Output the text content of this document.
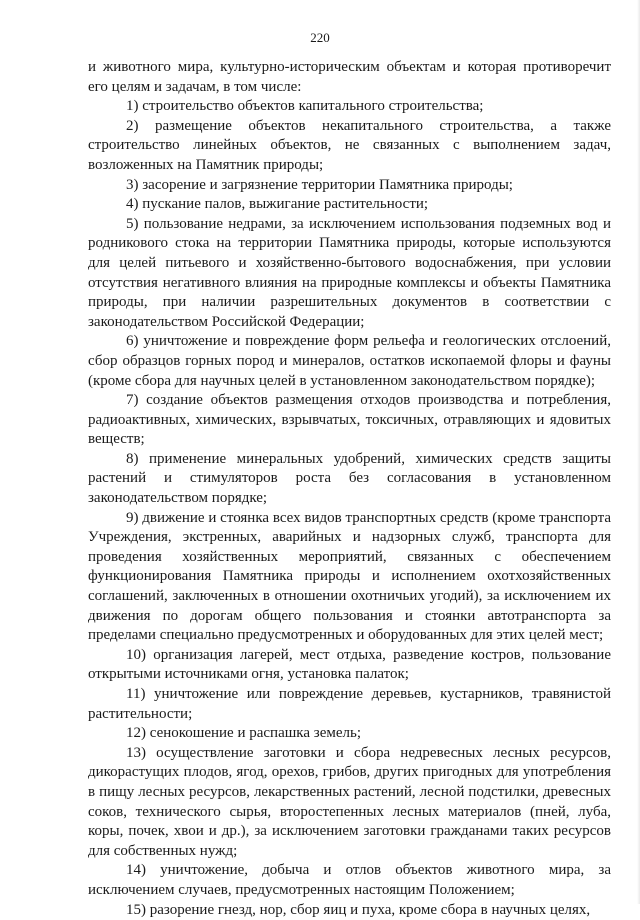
220

и животного мира, культурно-историческим объектам и которая противоречит его целям и задачам, в том числе:

1) строительство объектов капитального строительства;

2) размещение объектов некапитального строительства, а также строительство линейных объектов, не связанных с выполнением задач, возложенных на Памятник природы;

3) засорение и загрязнение территории Памятника природы;

4) пускание палов, выжигание растительности;

5) пользование недрами, за исключением использования подземных вод и родникового стока на территории Памятника природы, которые используются для целей питьевого и хозяйственно-бытового водоснабжения, при условии отсутствия негативного влияния на природные комплексы и объекты Памятника природы, при наличии разрешительных документов в соответствии с законодательством Российской Федерации;

6) уничтожение и повреждение форм рельефа и геологических отслоений, сбор образцов горных пород и минералов, остатков ископаемой флоры и фауны (кроме сбора для научных целей в установленном законодательством порядке);

7) создание объектов размещения отходов производства и потребления, радиоактивных, химических, взрывчатых, токсичных, отравляющих и ядовитых веществ;

8) применение минеральных удобрений, химических средств защиты растений и стимуляторов роста без согласования в установленном законодательством порядке;

9) движение и стоянка всех видов транспортных средств (кроме транспорта Учреждения, экстренных, аварийных и надзорных служб, транспорта для проведения хозяйственных мероприятий, связанных с обеспечением функционирования Памятника природы и исполнением охотхозяйственных соглашений, заключенных в отношении охотничьих угодий), за исключением их движения по дорогам общего пользования и стоянки автотранспорта за пределами специально предусмотренных и оборудованных для этих целей мест;

10) организация лагерей, мест отдыха, разведение костров, пользование открытыми источниками огня, установка палаток;

11) уничтожение или повреждение деревьев, кустарников, травянистой растительности;

12) сенокошение и распашка земель;

13) осуществление заготовки и сбора недревесных лесных ресурсов, дикорастущих плодов, ягод, орехов, грибов, других пригодных для употребления в пищу лесных ресурсов, лекарственных растений, лесной подстилки, древесных соков, технического сырья, второстепенных лесных материалов (пней, луба, коры, почек, хвои и др.), за исключением заготовки гражданами таких ресурсов для собственных нужд;

14) уничтожение, добыча и отлов объектов животного мира, за исключением случаев, предусмотренных настоящим Положением;

15) разорение гнезд, нор, сбор яиц и пуха, кроме сбора в научных целях,
